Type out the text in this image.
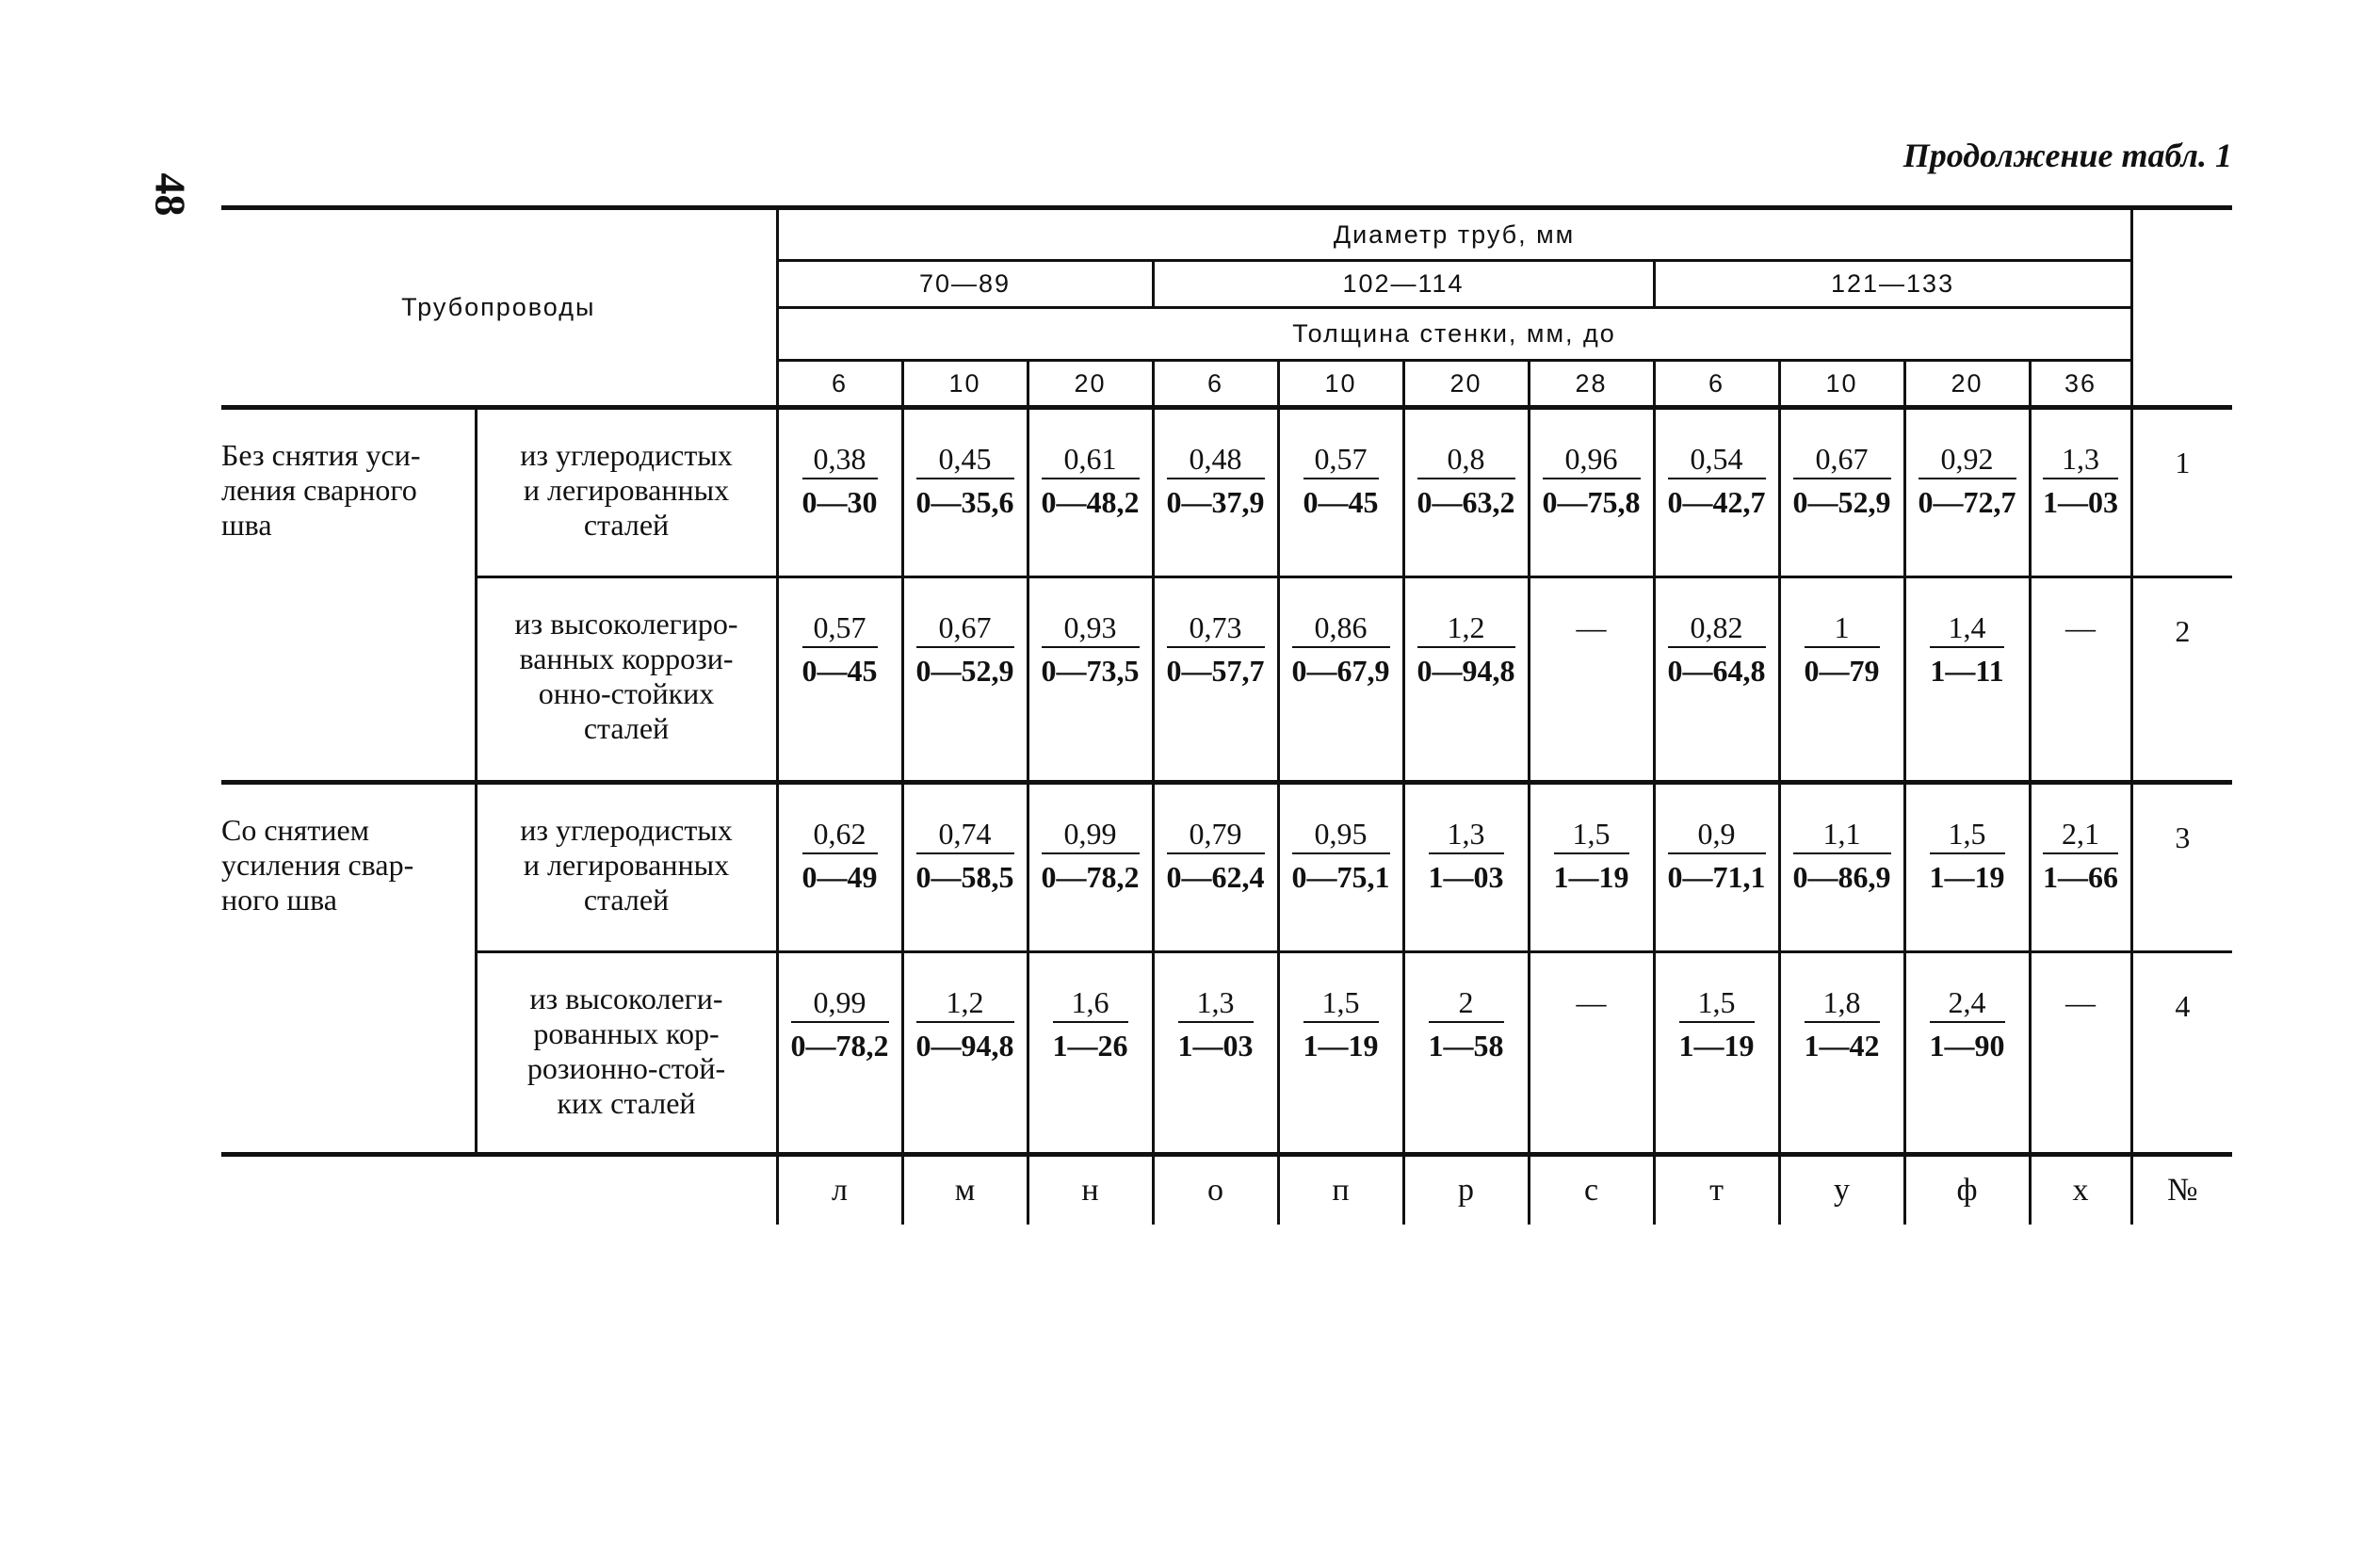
48
Продолжение табл. 1
Трубопроводы		Диаметр труб, мм											
		70—89			102—114				121—133				
		Толщина стенки, мм, до											
		6	10	20	6	10	20	28	6	10	20	36	
Без снятия уси-
ления сварного
шва	из углеродистых
и легированных
сталей	$\frac{0,38}{0—30}$	$\frac{0,45}{0—35,6}$	$\frac{0,61}{0—48,2}$	$\frac{0,48}{0—37,9}$	$\frac{0,57}{0—45}$	$\frac{0,8}{0—63,2}$	$\frac{0,96}{0—75,8}$	$\frac{0,54}{0—42,7}$	$\frac{0,67}{0—52,9}$	$\frac{0,92}{0—72,7}$	$\frac{1,3}{1—03}$	1
	из высоколегиро-
ванных коррози-
онно-стойких
сталей	$\frac{0,57}{0—45}$	$\frac{0,67}{0—52,9}$	$\frac{0,93}{0—73,5}$	$\frac{0,73}{0—57,7}$	$\frac{0,86}{0—67,9}$	$\frac{1,2}{0—94,8}$	—	$\frac{0,82}{0—64,8}$	$\frac{1}{0—79}$	$\frac{1,4}{1—11}$	—	2
Со снятием
усиления свар-
ного шва	из углеродистых
и легированных
сталей	$\frac{0,62}{0—49}$	$\frac{0,74}{0—58,5}$	$\frac{0,99}{0—78,2}$	$\frac{0,79}{0—62,4}$	$\frac{0,95}{0—75,1}$	$\frac{1,3}{1—03}$	$\frac{1,5}{1—19}$	$\frac{0,9}{0—71,1}$	$\frac{1,1}{0—86,9}$	$\frac{1,5}{1—19}$	$\frac{2,1}{1—66}$	3
	из высоколеги-
рованных кор-
розионно-стой-
ких сталей	$\frac{0,99}{0—78,2}$	$\frac{1,2}{0—94,8}$	$\frac{1,6}{1—26}$	$\frac{1,3}{1—03}$	$\frac{1,5}{1—19}$	$\frac{2}{1—58}$	—	$\frac{1,5}{1—19}$	$\frac{1,8}{1—42}$	$\frac{2,4}{1—90}$	—	4
		л	м	н	о	п	р	с	т	у	ф	х	№
